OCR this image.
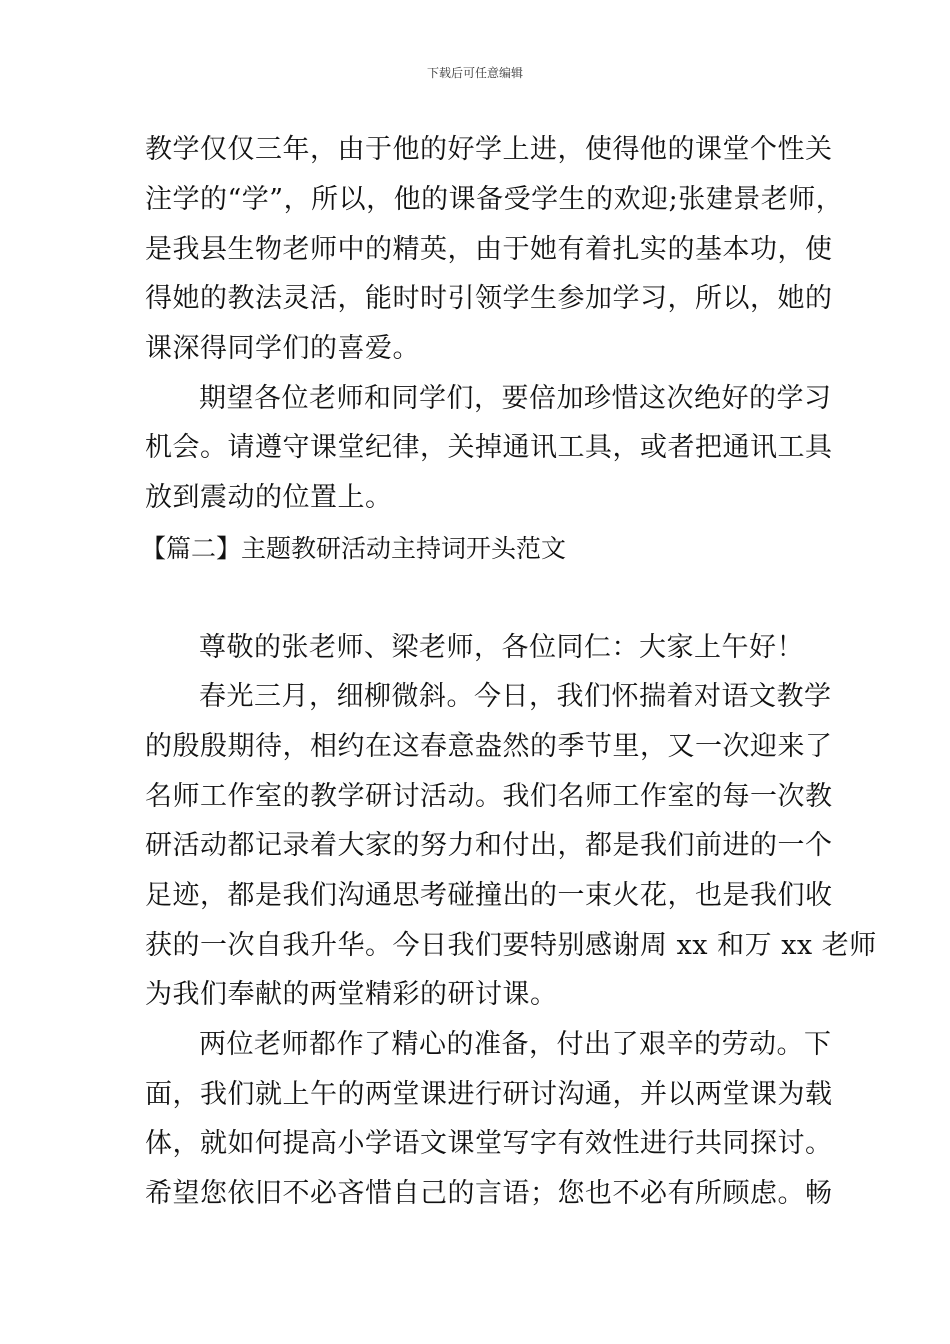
下载后可任意编辑
教学仅仅三年，由于他的好学上进，使得他的课堂个性关
注学的“学”，所以，他的课备受学生的欢迎;张建景老师，
是我县生物老师中的精英，由于她有着扎实的基本功，使
得她的教法灵活，能时时引领学生参加学习，所以，她的
课深得同学们的喜爱。
期望各位老师和同学们，要倍加珍惜这次绝好的学习
机会。请遵守课堂纪律，关掉通讯工具，或者把通讯工具
放到震动的位置上。
【篇二】主题教研活动主持词开头范文
尊敬的张老师、梁老师，各位同仁：大家上午好！
春光三月，细柳微斜。今日，我们怀揣着对语文教学
的殷殷期待，相约在这春意盎然的季节里，又一次迎来了
名师工作室的教学研讨活动。我们名师工作室的每一次教
研活动都记录着大家的努力和付出，都是我们前进的一个
足迹，都是我们沟通思考碰撞出的一束火花，也是我们收
获的一次自我升华。今日我们要特别感谢周 xx 和万 xx 老师
为我们奉献的两堂精彩的研讨课。
两位老师都作了精心的准备，付出了艰辛的劳动。下
面，我们就上午的两堂课进行研讨沟通，并以两堂课为载
体，就如何提高小学语文课堂写字有效性进行共同探讨。
希望您依旧不必吝惜自己的言语；您也不必有所顾虑。畅
